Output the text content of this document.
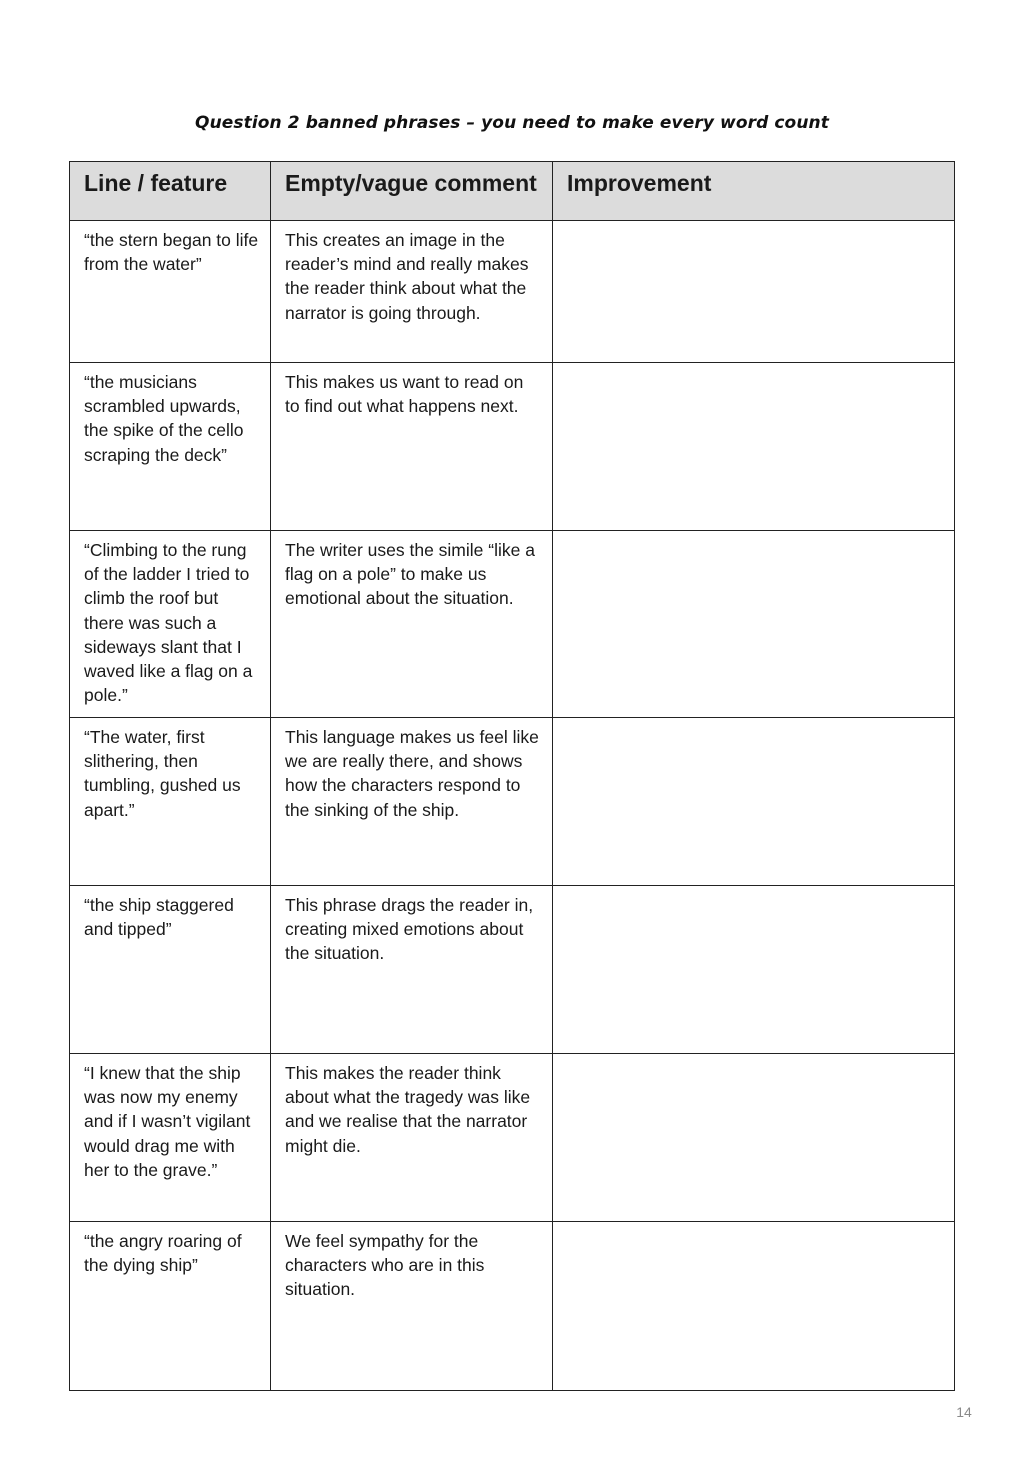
Question 2 banned phrases – you need to make every word count
Line / feature	Empty/vague comment	Improvement
“the stern began to life from the water”	This creates an image in the reader’s mind and really makes the reader think about what the narrator is going through.	
“the musicians scrambled upwards, the spike of the cello scraping the deck”	This makes us want to read on to find out what happens next.	
“Climbing to the rung of the ladder I tried to climb the roof but there was such a sideways slant that I waved like a flag on a pole.”	The writer uses the simile “like a flag on a pole” to make us emotional about the situation.	
“The water, first slithering, then tumbling, gushed us apart.”	This language makes us feel like we are really there, and shows how the characters respond to the sinking of the ship.	
“the ship staggered and tipped”	This phrase drags the reader in, creating mixed emotions about the situation.	
“I knew that the ship was now my enemy and if I wasn’t vigilant would drag me with her to the grave.”	This makes the reader think about what the tragedy was like and we realise that the narrator might die.	
“the angry roaring of the dying ship”	We feel sympathy for the characters who are in this situation.	
14
